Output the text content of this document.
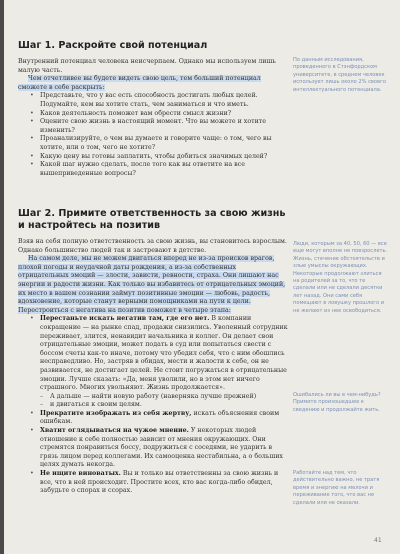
Шаг 1. Раскройте свой потенциал

Внутренний потенциал человека неисчерпаем. Однако мы используем лишь малую часть.

Чем отчетливее вы будете видеть свою цель, тем больший потенциал сможете в себе раскрыть:

• Представьте, что у вас есть способность достигать любых целей. Подумайте, кем вы хотите стать, чем заниматься и что иметь.
• Каков деятельность поможет вам обрести смысл жизни?
• Оцените свою жизнь в настоящий момент. Что вы можете и хотите изменить?
• Проанализируйте, о чем вы думаете и говорите чаще: о том, чего вы хотите, или о том, чего не хотите?
• Какую цену вы готовы заплатить, чтобы добиться значимых целей?
• Какой шаг нужно сделать, после того как вы ответите на все вышеприведенные вопросы?
Шаг 2. Примите ответственность за свою жизнь
и настройтесь на позитив

Взяв на себя полную ответственность за свою жизнь, вы становитесь взрослым. Однако большинство людей так и застревают в детстве.

На самом деле, мы не можем двигаться вперед не из-за происков врагов, плохой погоды и неудачной даты рождения, а из-за собственных отрицательных эмоций — злости, зависти, ревности, страха. Они лишают нас энергии и радости жизни. Как только вы избавитесь от отрицательных эмоций, их место в вашем сознании займут позитивные эмоции — любовь, радость, вдохновение, которые станут верными помощниками на пути к цели. Перестроиться с негатива на позитив поможет в четыре этапа:

• Перестаньте искать негатив там, где его нет. В компании сокращение — на рынке спад, продажи снизились. Уволенный сотрудник переживает, злится, ненавидит начальника и коллег. Он делает свои отрицательные эмоции, может подать в суд или попытаться свести с боссом счеты как-то иначе, потому что убедил себя, что с ним обошлись несправедливо. Но, застряв в обидах, мести и жалости к себе, он не развивается, не достигает целей. Не стоит погружаться в отрицательные эмоции. Лучше сказать: «Да, меня уволили, но в этом нет ничего страшного. Многих увольняют. Жизнь продолжается».
– А дальше — найти новую работу (наверняка лучше прежней)
– и двигаться к своим целям.
• Прекратите изображать из себя жертву, искать объяснения своим ошибкам.
• Хватит оглядываться на чужое мнение. У некоторых людей отношение к себе полностью зависит от мнения окружающих. Они стремятся понравиться боссу, подружиться с соседями, не ударить в грязь лицом перед коллегами. Их самооценка нестабильна, а о больших целях думать некогда.
• Не ищите виноватых. Вы и только вы ответственны за свою жизнь и все, что в ней происходит. Простите всех, кто вас когда-либо обидел, забудьте о спорах и ссорах.
По данным исследования, проведенного в Стэнфордском университете, в среднем человек использует лишь около 2% своего интеллектуального потенциала.
Люди, которым за 40, 50, 60 — все еще могут вполне не повзрослеть. Жизнь, стечение обстоятельств и злые умыслы окружающих. Некоторые продолжают злиться на родителей за то, что те сделали или не сделали десятки лет назад. Они сами себя помещают в ловушку прошлого и не желают из нее освободиться.
Ошибались ли вы в чем-нибудь? Примите произошедшее к сведению и продолжайте жить.
Работайте над тем, что действительно важно, не тратя время и энергию на мелочи и переживание того, что вас не сделали или не оказали.
41
